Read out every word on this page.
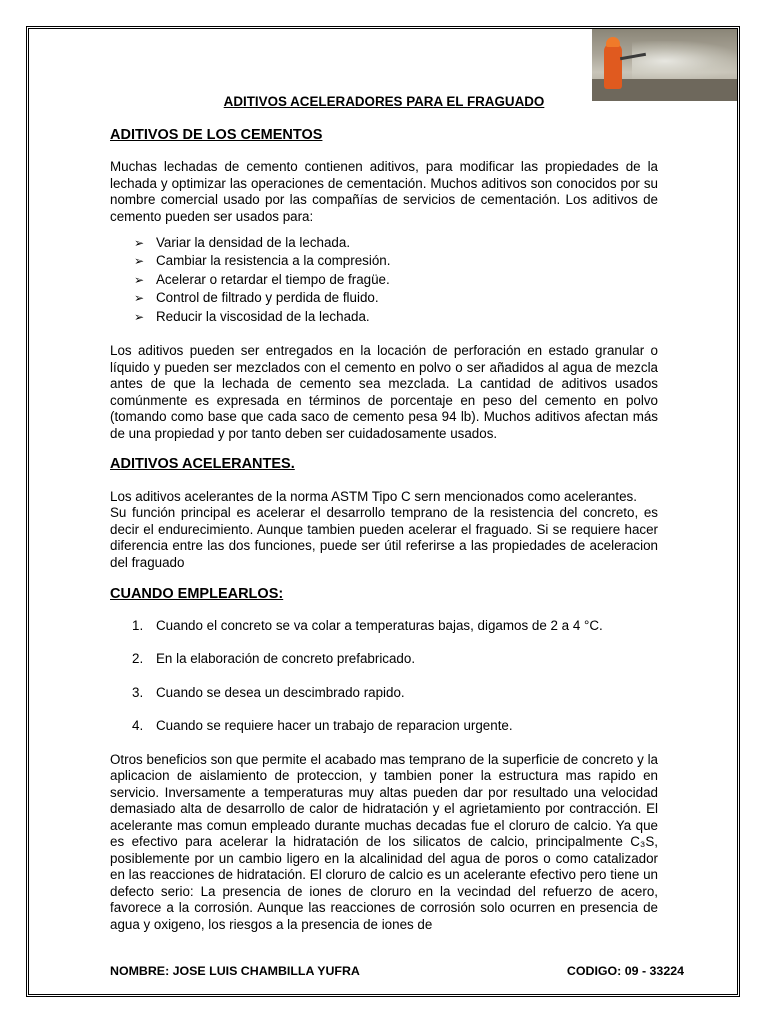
ADITIVOS ACELERADORES PARA EL FRAGUADO
ADITIVOS DE LOS CEMENTOS

Muchas lechadas de cemento contienen aditivos, para modificar las propiedades de la lechada y optimizar las operaciones de cementación. Muchos aditivos son conocidos por su nombre comercial usado por las compañías de servicios de cementación. Los aditivos de cemento pueden ser usados para:

➢ Variar la densidad de la lechada.
➢ Cambiar la resistencia a la compresión.
➢ Acelerar o retardar el tiempo de fragüe.
➢ Control de filtrado y perdida de fluido.
➢ Reducir la viscosidad de la lechada.

Los aditivos pueden ser entregados en la locación de perforación en estado granular o líquido y pueden ser mezclados con el cemento en polvo o ser añadidos al agua de mezcla antes de que la lechada de cemento sea mezclada. La cantidad de aditivos usados comúnmente es expresada en términos de porcentaje en peso del cemento en polvo (tomando como base que cada saco de cemento pesa 94 lb). Muchos aditivos afectan más de una propiedad y por tanto deben ser cuidadosamente usados.

ADITIVOS ACELERANTES.

Los aditivos acelerantes de la norma ASTM Tipo C sern mencionados como acelerantes.

Su función principal es acelerar el desarrollo temprano de la resistencia del concreto, es decir el endurecimiento. Aunque tambien pueden acelerar el fraguado. Si se requiere hacer diferencia entre las dos funciones, puede ser útil referirse a las propiedades de aceleracion del fraguado

CUANDO EMPLEARLOS:
1. Cuando el concreto se va colar a temperaturas bajas, digamos de 2 a 4 °C.
2. En la elaboración de concreto prefabricado.
3. Cuando se desea un descimbrado rapido.
4. Cuando se requiere hacer un trabajo de reparacion urgente.

Otros beneficios son que permite el acabado mas temprano de la superficie de concreto y la aplicacion de aislamiento de proteccion, y tambien poner la estructura mas rapido en servicio. Inversamente a temperaturas muy altas pueden dar por resultado una velocidad demasiado alta de desarrollo de calor de hidratación y el agrietamiento por contracción. El acelerante mas comun empleado durante muchas decadas fue el cloruro de calcio. Ya que es efectivo para acelerar la hidratación de los silicatos de calcio, principalmente C₃S, posiblemente por un cambio ligero en la alcalinidad del agua de poros o como catalizador en las reacciones de hidratación. El cloruro de calcio es un acelerante efectivo pero tiene un defecto serio: La presencia de iones de cloruro en la vecindad del refuerzo de acero, favorece a la corrosión. Aunque las reacciones de corrosión solo ocurren en presencia de agua y oxigeno, los riesgos a la presencia de iones de

NOMBRE: JOSE LUIS CHAMBILLA YUFRA	CODIGO: 09 - 33224
